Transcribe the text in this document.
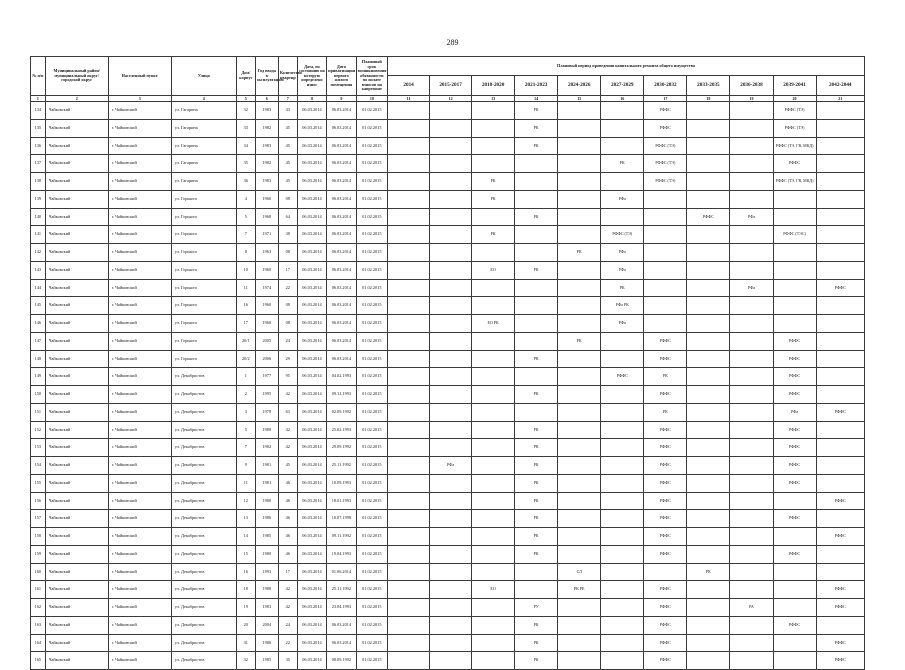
289
№ п/п	Муниципальный район/муниципальный округ/городской округ	Населенный пункт	Улица	Дом/ корпус	Год ввода в эксплуатацию	Количество квартир	Дата, по состоянию на которую определено износ	Дата приватизации первого жилого помещения	Плановый срок возникновения обязанности по оплате взносов на капремонт	Плановый период проведения капитального ремонта общего имущества										
										2014	2015-2017	2018-2020	2021-2023	2024-2026	2027-2029	2030-2032	2033-2035	2036-2038	2039-2041	2042-2044
1	2	3	4	5	6	7	8	9	10	11	12	13	14	15	16	17	18	19	20	21
134	Чайковский	г. Чайковский	ул. Гагарина	32	1983	43	06.03.2014	06.03.2014	01.02.2015				РК			РФФС			РФФС (ТЭ)	
135	Чайковский	г. Чайковский	ул. Гагарина	33	1982	45	06.03.2014	06.03.2014	01.02.2015				РК			РФФС			РФФС (ТЭ)	
136	Чайковский	г. Чайковский	ул. Гагарина	34	1983	45	06.03.2014	06.03.2014	01.02.2015				РК			РФФС (ТЭ)			РФФС (ТЭ, ГВ, МКД)	
137	Чайковский	г. Чайковский	ул. Гагарина	35	1982	45	06.03.2014	06.03.2014	01.02.2015						РК	РФФС (ТЭ)			РФФС	
138	Чайковский	г. Чайковский	ул. Гагарина	36	1983	45	06.03.2014	06.03.2014	01.02.2015			РК				РФФС (ТЭ)			РФФС (ТЭ, ГВ, МКД)	
139	Чайковский	г. Чайковский	ул. Горького	4	1960	08	06.03.2014	06.03.2014	01.02.2015			РК			РФа					
140	Чайковский	г. Чайковский	ул. Горького	5	1968	64	06.03.2014	06.03.2014	01.02.2015				РК				РФФС	РФа		
141	Чайковский	г. Чайковский	ул. Горького	7	1971	38	06.03.2014	06.03.2014	01.02.2015			РК			РФФС (ТЭ)				РФФС (ТЭС)	
142	Чайковский	г. Чайковский	ул. Горького	8	1963	08	06.03.2014	06.03.2014	01.02.2015					РК	РФа					
143	Чайковский	г. Чайковский	ул. Горького	10	1960	17	06.03.2014	06.03.2014	01.02.2015			ЕО	РК		РФа					
144	Чайковский	г. Чайковский	ул. Горького	11	1974	22	06.03.2014	06.03.2014	01.02.2015						РК			РФа		РФФС
145	Чайковский	г. Чайковский	ул. Горького	16	1960	08	06.03.2014	06.03.2014	01.02.2015						РФа РК					
146	Чайковский	г. Чайковский	ул. Горького	17	1960	08	06.03.2014	06.03.2014	01.02.2015			ЕО РК			РФа					
147	Чайковский	г. Чайковский	ул. Горького	20/1	2005	24	06.03.2014	06.03.2014	01.02.2015					РК		РФФС			РФФС	
148	Чайковский	г. Чайковский	ул. Горького	20/2	2006	29	06.03.2014	06.03.2014	01.02.2015				РК			РФФС			РФФС	
149	Чайковский	г. Чайковский	ул. Декабристов	1	1977	95	06.03.2014	04.02.1993	01.02.2015						РФФС	РК			РФФС	
150	Чайковский	г. Чайковский	ул. Декабристов	2	1995	42	06.03.2014	09.12.1993	01.02.2015				РК			РФФС			РФФС	
151	Чайковский	г. Чайковский	ул. Декабристов	3	1978	63	06.03.2014	02.09.1992	01.02.2015							РК			РФа	РФФС
152	Чайковский	г. Чайковский	ул. Декабристов	5	1980	42	06.03.2014	25.02.1993	01.02.2015				РК			РФФС			РФФС	
153	Чайковский	г. Чайковский	ул. Декабристов	7	1982	42	06.03.2014	29.09.1992	01.02.2015				РК			РФФС			РФФС	
154	Чайковский	г. Чайковский	ул. Декабристов	9	1981	45	06.03.2014	25.11.1992	01.02.2015		РФа		РК			РФФС			РФФС	
155	Чайковский	г. Чайковский	ул. Декабристов	11	1981	46	06.03.2014	10.09.1993	01.02.2015				РК			РФФС			РФФС	
156	Чайковский	г. Чайковский	ул. Декабристов	12	1980	46	06.03.2014	18.01.1993	01.02.2015				РК			РФФС				РФФС
157	Чайковский	г. Чайковский	ул. Декабристов	13	1986	46	06.03.2014	10.07.1998	01.02.2015				РК			РФФС			РФФС	
158	Чайковский	г. Чайковский	ул. Декабристов	14	1985	46	06.03.2014	09.11.1992	01.02.2015				РК			РФФС				РФФС
159	Чайковский	г. Чайковский	ул. Декабристов	15	1980	46	06.03.2014	19.04.1993	01.02.2015				РК			РФФС			РФФС	
160	Чайковский	г. Чайковский	ул. Декабристов	16	1993	17	06.03.2014	01.06.2014	01.02.2015					СЛ			РК			
161	Чайковский	г. Чайковский	ул. Декабристов	18	1988	42	06.03.2014	25.11.1992	01.02.2015			ЕО		РК РЕ		РФФС				РФФС
162	Чайковский	г. Чайковский	ул. Декабристов	19	1983	42	06.03.2014	23.04.1993	01.02.2015				РУ			РФФС		РА		РФФС
163	Чайковский	г. Чайковский	ул. Декабристов	20	2004	24	06.03.2014	06.03.2014	01.02.2015				РК			РФФС			РФФС	
164	Чайковский	г. Чайковский	ул. Декабристов	31	1986	22	06.03.2014	06.03.2014	01.02.2015				РК			РФФС				РФФС
165	Чайковский	г. Чайковский	ул. Декабристов	32	1985	35	06.03.2014	08.09.1992	01.02.2015				РК			РФФС				РФФС
